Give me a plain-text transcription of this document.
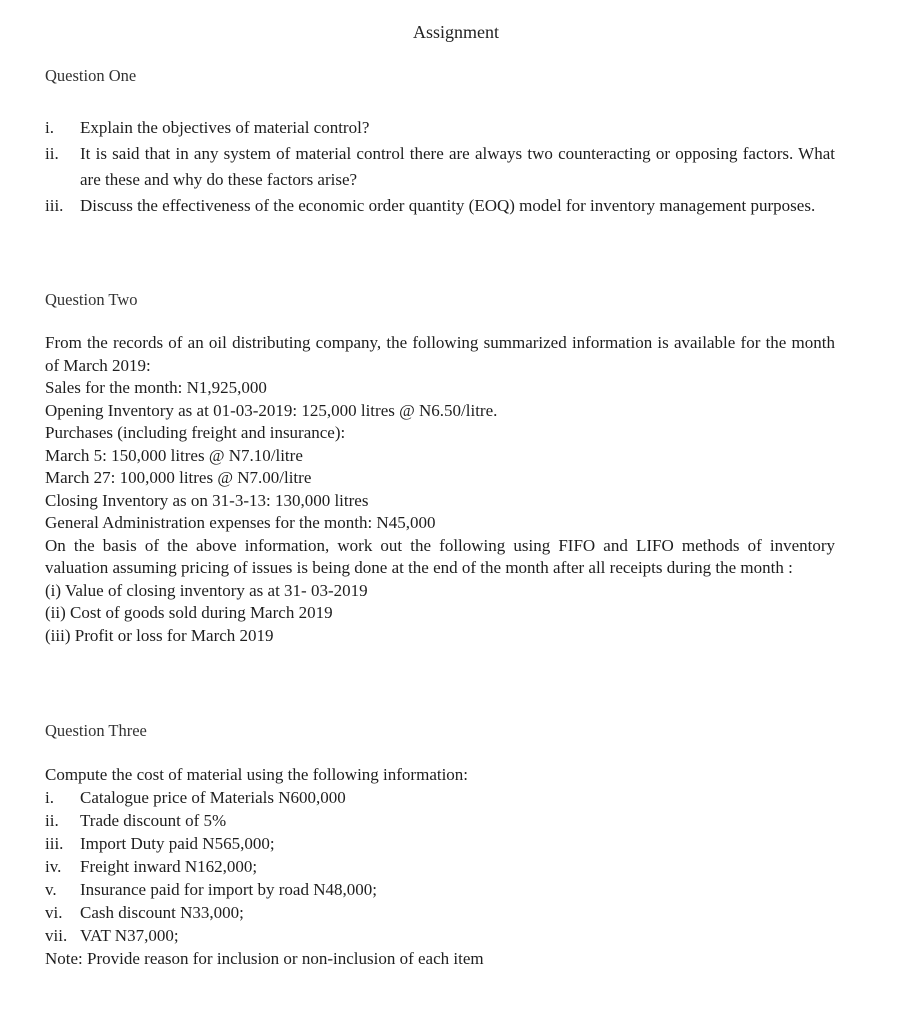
Assignment
Question One
i.	Explain the objectives of material control?
ii.	It is said that in any system of material control there are always two counteracting or opposing factors. What are these and why do these factors arise?
iii. Discuss the effectiveness of the economic order quantity (EOQ) model for inventory management purposes.
Question Two
From the records of an oil distributing company, the following summarized information is available for the month of March 2019:
Sales for the month: N1,925,000
Opening Inventory as at 01-03-2019: 125,000 litres @ N6.50/litre.
Purchases (including freight and insurance):
March 5: 150,000 litres @ N7.10/litre
March 27: 100,000 litres @ N7.00/litre
Closing Inventory as on 31-3-13: 130,000 litres
General Administration expenses for the month: N45,000
On the basis of the above information, work out the following using FIFO and LIFO methods of inventory valuation assuming pricing of issues is being done at the end of the month after all receipts during the month :
(i) Value of closing inventory as at 31- 03-2019
(ii) Cost of goods sold during March 2019
(iii) Profit or loss for March 2019
Question Three
Compute the cost of material using the following information:
i.	Catalogue price of Materials N600,000
ii.	Trade discount of 5%
iii. Import Duty paid N565,000;
iv.	Freight inward N162,000;
v.	Insurance paid for import by road N48,000;
vi.	Cash discount N33,000;
vii. VAT N37,000;
Note: Provide reason for inclusion or non-inclusion of each item
